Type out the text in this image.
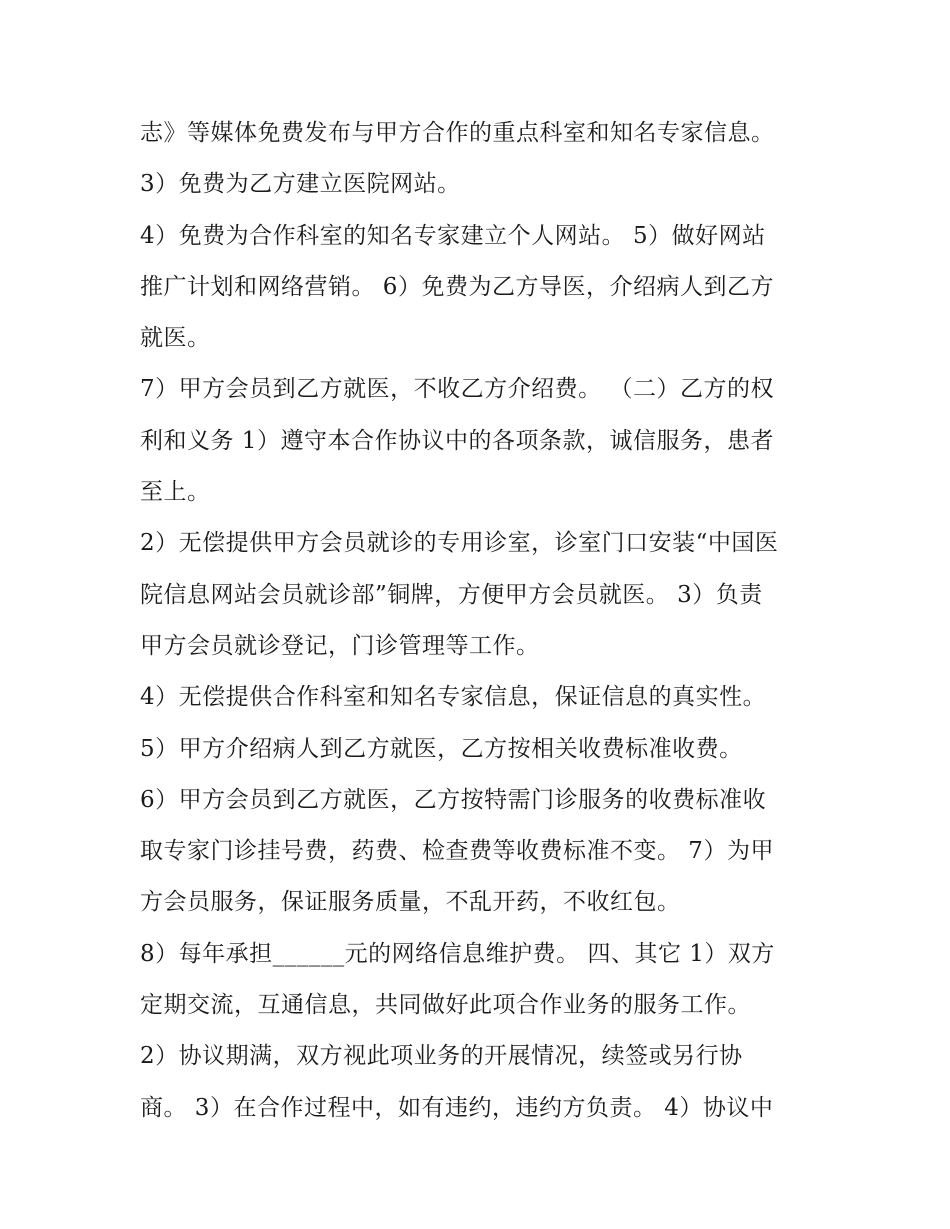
志》等媒体免费发布与甲方合作的重点科室和知名专家信息。
3）免费为乙方建立医院网站。
4）免费为合作科室的知名专家建立个人网站。 5）做好网站
推广计划和网络营销。 6）免费为乙方导医，介绍病人到乙方
就医。
7）甲方会员到乙方就医，不收乙方介绍费。 （二）乙方的权
利和义务 1）遵守本合作协议中的各项条款，诚信服务，患者
至上。
2）无偿提供甲方会员就诊的专用诊室，诊室门口安装“中国医
院信息网站会员就诊部”铜牌，方便甲方会员就医。 3）负责
甲方会员就诊登记，门诊管理等工作。
4）无偿提供合作科室和知名专家信息，保证信息的真实性。
5）甲方介绍病人到乙方就医，乙方按相关收费标准收费。
6）甲方会员到乙方就医，乙方按特需门诊服务的收费标准收
取专家门诊挂号费，药费、检查费等收费标准不变。 7）为甲
方会员服务，保证服务质量，不乱开药，不收红包。
8）每年承担______元的网络信息维护费。 四、其它 1）双方
定期交流，互通信息，共同做好此项合作业务的服务工作。
2）协议期满，双方视此项业务的开展情况，续签或另行协
商。 3）在合作过程中，如有违约，违约方负责。 4）协议中
